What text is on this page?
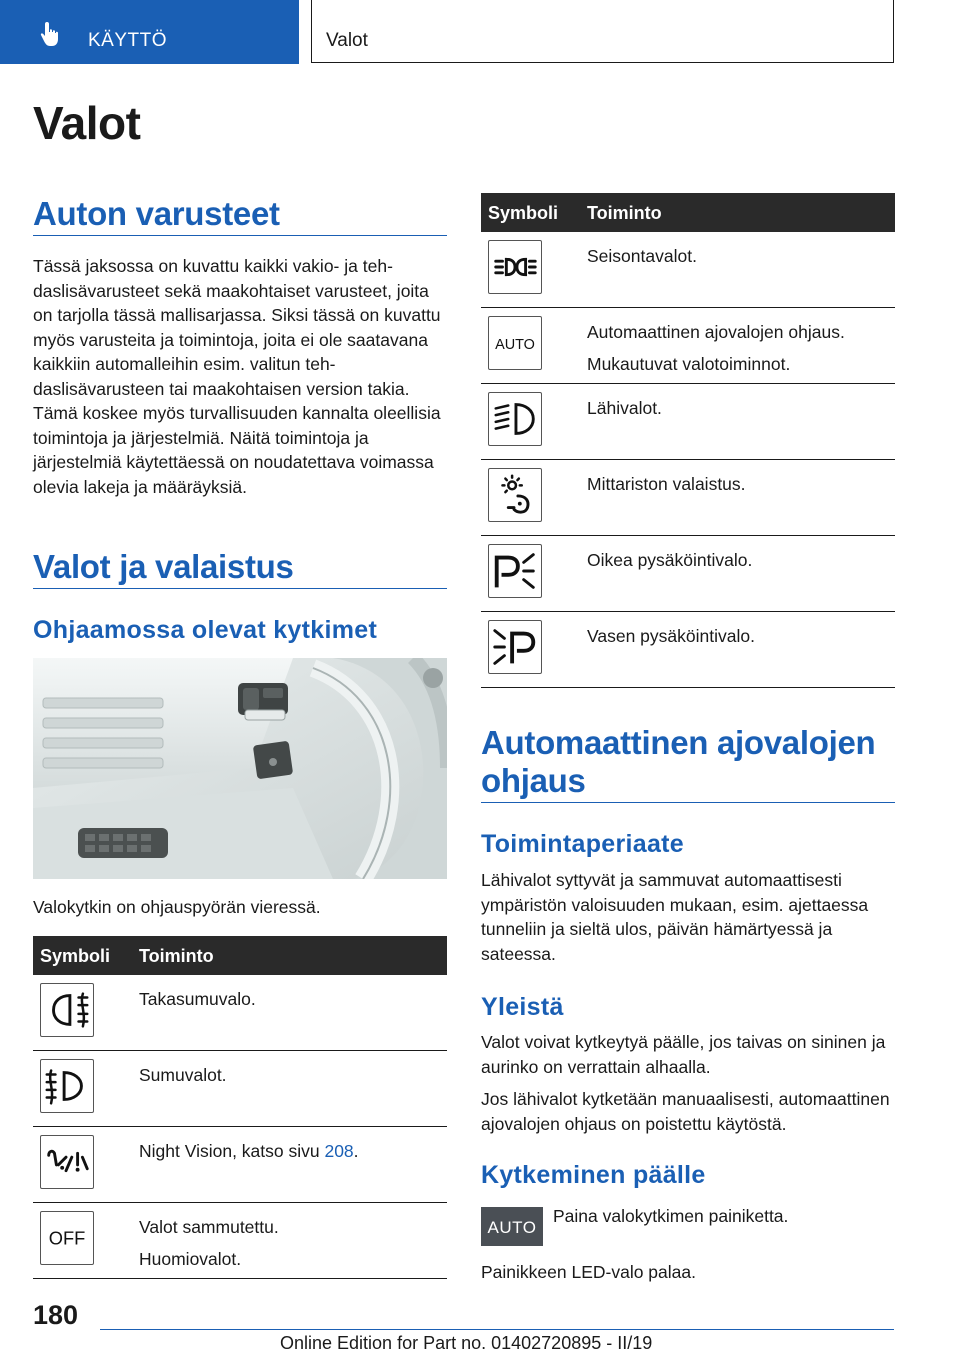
KÄYTTÖ	Valot
Valot
Auton varusteet

Tässä jaksossa on kuvattu kaikki vakio- ja tehdaslisävarusteet sekä maakohtaiset varusteet, joita on tarjolla tässä mallisarjassa. Siksi tässä on kuvattu myös varusteita ja toimintoja, joita ei ole saatavana kaikkiin automalleihin esim. valitun tehdaslisävarusteen tai maakohtaisen version takia. Tämä koskee myös turvallisuuden kannalta oleellisia toimintoja ja järjestelmiä. Näitä toimintoja ja järjestelmiä käytettäessä on noudatettava voimassa olevia lakeja ja määräyksiä.

Valot ja valaistus
Ohjaamossa olevat kytkimet

Valokytkin on ohjauspyörän vieressä.

Symboli Toiminto
Takasumuvalo.
Sumuvalot.
Night Vision, katso sivu 208.
OFF
Valot sammutettu.
Huomiovalot.
Symboli Toiminto
Seisontavalot.
AUTO
Automaattinen ajovalojen ohjaus.
Mukautuvat valotoiminnot.
Lähivalot.
Mittariston valaistus.
Oikea pysäköintivalo.
Vasen pysäköintivalo.
Automaattinen ajovalojen ohjaus
Toimintaperiaate

Lähivalot syttyvät ja sammuvat automaattisesti ympäristön valoisuuden mukaan, esim. ajettaessa tunneliin ja sieltä ulos, päivän hämärtyessä ja sateessa.

Yleistä

Valot voivat kytkeytyä päälle, jos taivas on sininen ja aurinko on verrattain alhaalla.

Jos lähivalot kytketään manuaalisesti, automaattinen ajovalojen ohjaus on poistettu käytöstä.

Kytkeminen päälle
AUTO

Paina valokytkimen painiketta.

Painikkeen LED-valo palaa.

180

Online Edition for Part no. 01402720895 - II/19
